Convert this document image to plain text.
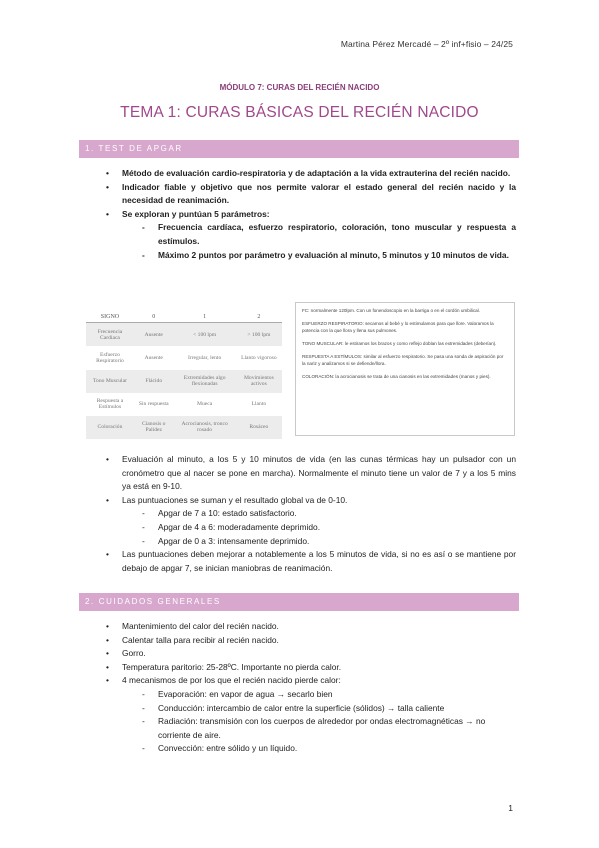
Martina Pérez Mercadé – 2º inf+fisio – 24/25
MÓDULO 7: CURAS DEL RECIÉN NACIDO
TEMA 1: CURAS BÁSICAS DEL RECIÉN NACIDO
1. TEST DE APGAR

• Método de evaluación cardio-respiratoria y de adaptación a la vida extrauterina del recién nacido.

• Indicador fiable y objetivo que nos permite valorar el estado general del recién nacido y la necesidad de reanimación.

• Se exploran y puntúan 5 parámetros:

- Frecuencia cardíaca, esfuerzo respiratorio, coloración, tono muscular y respuesta a estímulos.

- Máximo 2 puntos por parámetro y evaluación al minuto, 5 minutos y 10 minutos de vida.

SIGNO	0	1	2
Frecuencia Cardiaca	Ausente	< 100 lpm	> 100 lpm
Esfuerzo Respiratorio	Ausente	Irregular, lento	Llanto vigoroso
Tono Muscular	Flácido	Extremidades algo flexionadas	Movimientos activos
Respuesta a Estímulos	Sin respuesta	Mueca	Llanto
Coloración	Cianosis o Palidez	Acrocianosis, tronco rosado	Rosáceo

FC: normalmente 120lpm. Con un fonendoscopio en la barriga o en el cordón umbilical.

ESFUERZO RESPIRATORIO: secamos al bebé y lo estimulamos para que llore. Valoramos la potencia con la que llora y llena sus pulmones.

TONO MUSCULAR: le estiramos los brazos y como reflejo doblan las extremidades (deberían).

RESPUESTA A ESTÍMULOS: similar al esfuerzo respiratorio. Se pasa una sonda de aspiración por la nariz y analizamos si se defiende/llora.

COLORACIÓN: la acrocianosis se trata de una cianosis en las extremidades (manos y pies).

• Evaluación al minuto, a los 5 y 10 minutos de vida (en las cunas térmicas hay un pulsador con un cronómetro que al nacer se pone en marcha). Normalmente el minuto tiene un valor de 7 y a los 5 mins ya está en 9-10.

• Las puntuaciones se suman y el resultado global va de 0-10.

- Apgar de 7 a 10: estado satisfactorio.

- Apgar de 4 a 6: moderadamente deprimido.

- Apgar de 0 a 3: intensamente deprimido.

• Las puntuaciones deben mejorar a notablemente a los 5 minutos de vida, si no es así o se mantiene por debajo de apgar 7, se inician maniobras de reanimación.

2. CUIDADOS GENERALES

• Mantenimiento del calor del recién nacido.

• Calentar talla para recibir al recién nacido.

• Gorro.

• Temperatura paritorio: 25-28ºC. Importante no pierda calor.

• 4 mecanismos de por los que el recién nacido pierde calor:

- Evaporación: en vapor de agua → secarlo bien

- Conducción: intercambio de calor entre la superficie (sólidos) → talla caliente

- Radiación: transmisión con los cuerpos de alrededor por ondas electromagnéticas → no corriente de aire.

- Convección: entre sólido y un líquido.

1
